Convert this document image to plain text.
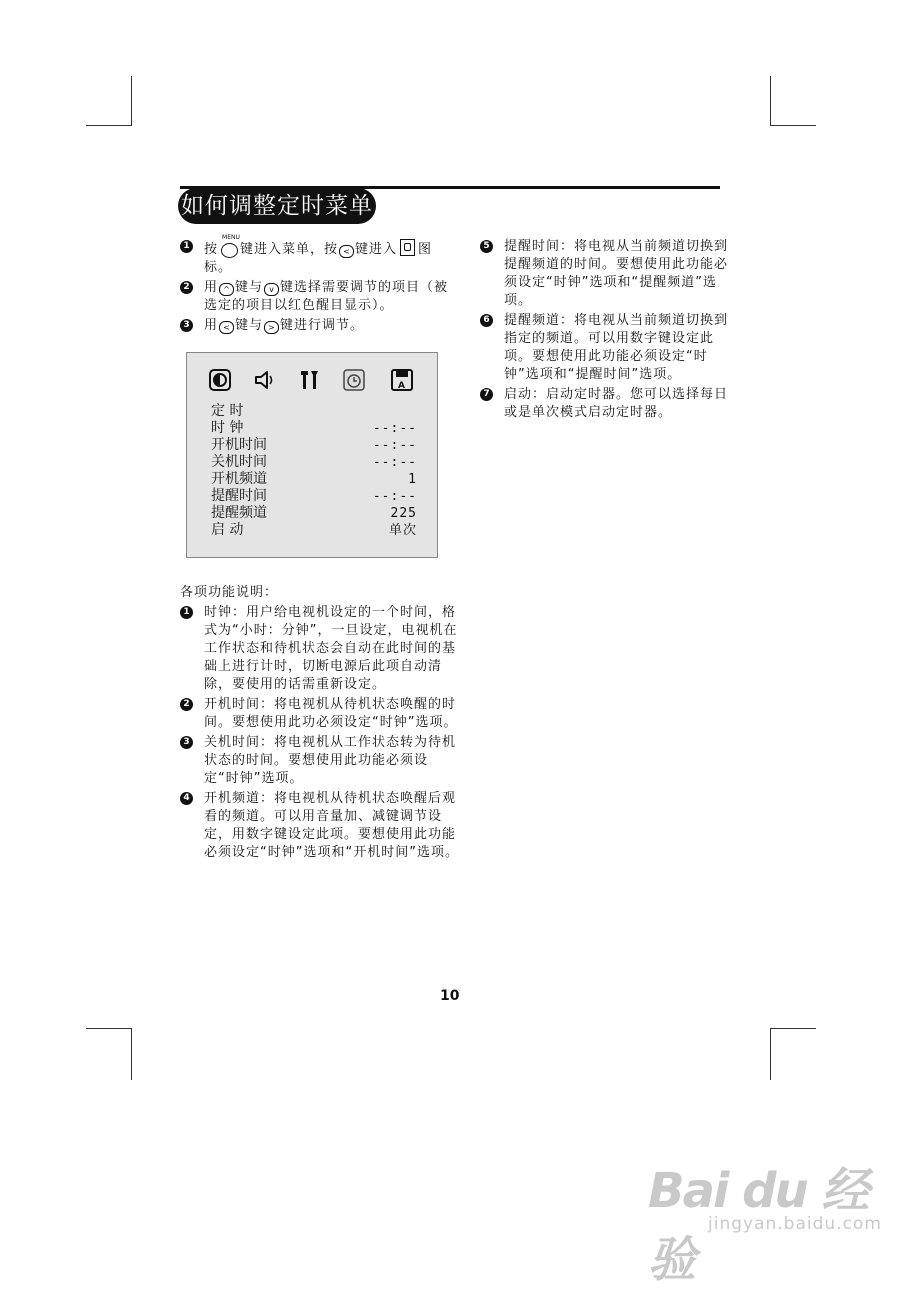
如何调整定时菜单
1 按
MENU
键进入菜单，按 < 键进入 图标。
2 用 ^ 键与 v 键选择需要调节的项目（被选定的项目以红色醒目显示）。
3 用 < 键与 > 键进行调节。
A
定 时
时 钟	--:--
开机时间	--:--
关机时间	--:--
开机频道	1
提醒时间	--:--
提醒频道	225
启 动	单次
各项功能说明：
1 时钟：用户给电视机设定的一个时间，格式为“小时：分钟”，一旦设定，电视机在工作状态和待机状态会自动在此时间的基础上进行计时，切断电源后此项自动清除，要使用的话需重新设定。
2 开机时间：将电视机从待机状态唤醒的时间。要想使用此功必须设定“时钟”选项。
3 关机时间：将电视机从工作状态转为待机状态的时间。要想使用此功能必须设定“时钟”选项。
4 开机频道：将电视机从待机状态唤醒后观看的频道。可以用音量加、减键调节设定，用数字键设定此项。要想使用此功能必须设定“时钟”选项和“开机时间”选项。
5 提醒时间：将电视从当前频道切换到提醒频道的时间。要想使用此功能必须设定“时钟”选项和“提醒频道”选项。
6 提醒频道：将电视从当前频道切换到指定的频道。可以用数字键设定此项。要想使用此功能必须设定“时钟”选项和“提醒时间”选项。
7 启动：启动定时器。您可以选择每日或是单次模式启动定时器。
10
Bai du 经验
jingyan.baidu.com
